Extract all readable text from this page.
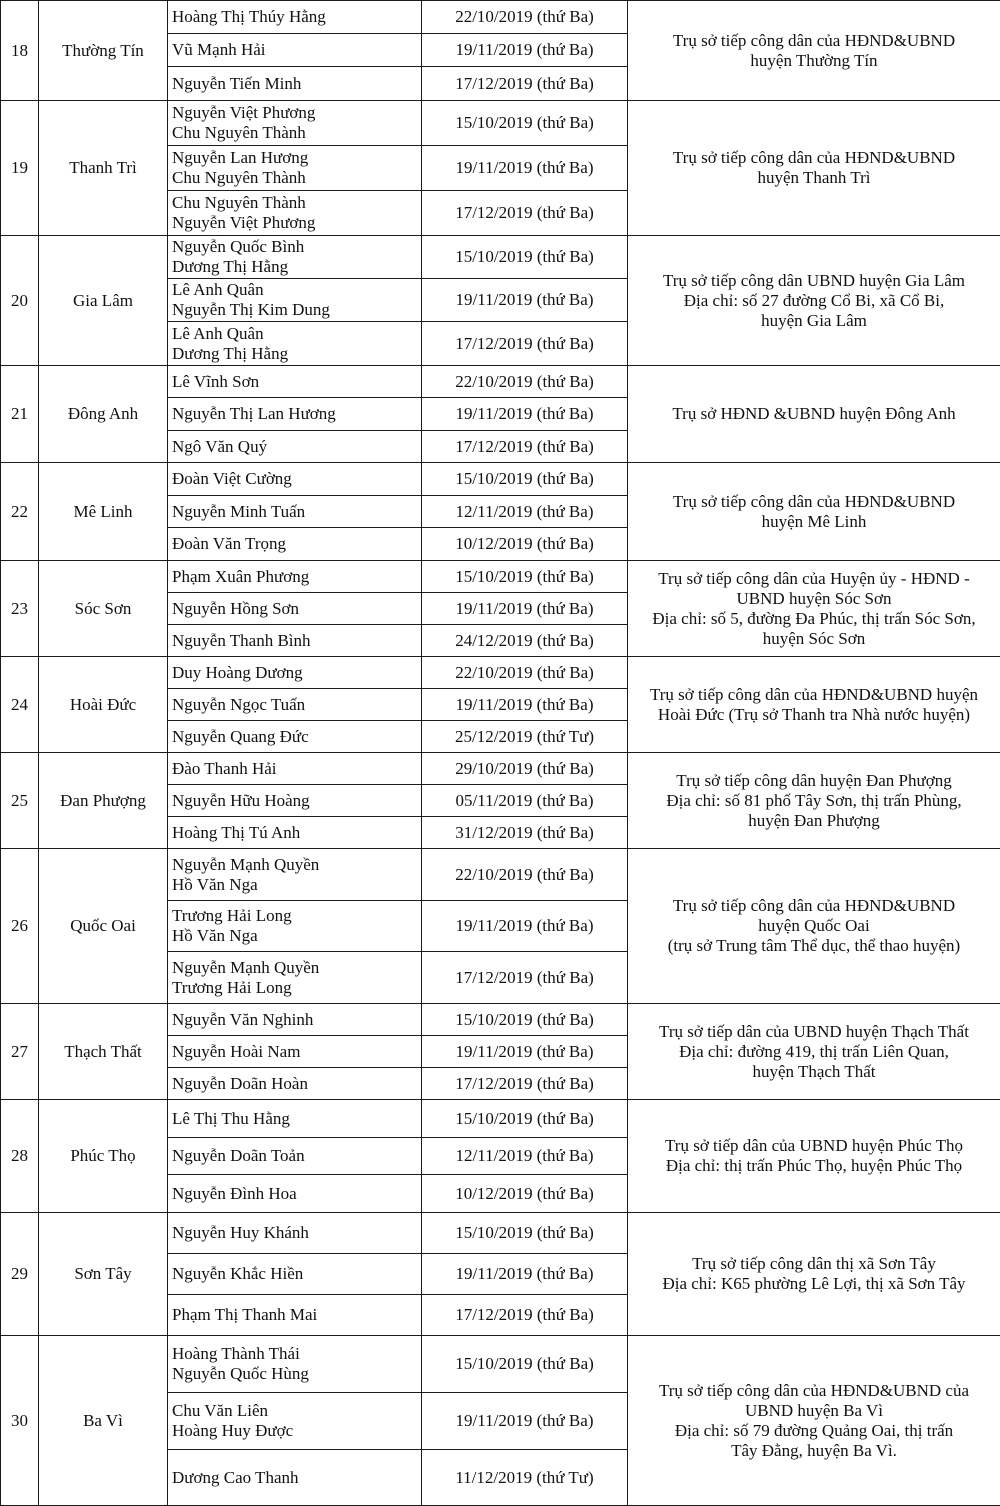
18	Thường Tín	Hoàng Thị Thúy Hằng	22/10/2019 (thứ Ba)	Trụ sở tiếp công dân của HĐND&UBND
huyện Thường Tín

		Vũ Mạnh Hải	19/11/2019 (thứ Ba)	

		Nguyễn Tiến Minh	17/12/2019 (thứ Ba)	
19	Thanh Trì	Nguyễn Việt Phương
Chu Nguyên Thành	15/10/2019 (thứ Ba)	Trụ sở tiếp công dân của HĐND&UBND
huyện Thanh Trì

		Nguyễn Lan Hương
Chu Nguyên Thành	19/11/2019 (thứ Ba)	

		Chu Nguyên Thành
Nguyễn Việt Phương	17/12/2019 (thứ Ba)	
20	Gia Lâm	Nguyễn Quốc Bình
Dương Thị Hằng	15/10/2019 (thứ Ba)	Trụ sở tiếp công dân UBND huyện Gia Lâm
Địa chỉ: số 27 đường Cổ Bi, xã Cổ Bi,
huyện Gia Lâm

		Lê Anh Quân
Nguyễn Thị Kim Dung	19/11/2019 (thứ Ba)	

		Lê Anh Quân
Dương Thị Hằng	17/12/2019 (thứ Ba)	
21	Đông Anh	Lê Vĩnh Sơn	22/10/2019 (thứ Ba)	Trụ sở HĐND &UBND huyện Đông Anh

		Nguyễn Thị Lan Hương	19/11/2019 (thứ Ba)	

		Ngô Văn Quý	17/12/2019 (thứ Ba)	
22	Mê Linh	Đoàn Việt Cường	15/10/2019 (thứ Ba)	Trụ sở tiếp công dân của HĐND&UBND
huyện Mê Linh

		Nguyễn Minh Tuấn	12/11/2019 (thứ Ba)	

		Đoàn Văn Trọng	10/12/2019 (thứ Ba)	
23	Sóc Sơn	Phạm Xuân Phương	15/10/2019 (thứ Ba)	Trụ sở tiếp công dân của Huyện ủy - HĐND -
UBND huyện Sóc Sơn
Địa chỉ: số 5, đường Đa Phúc, thị trấn Sóc Sơn,
huyện Sóc Sơn

		Nguyễn Hồng Sơn	19/11/2019 (thứ Ba)	

		Nguyễn Thanh Bình	24/12/2019 (thứ Ba)	
24	Hoài Đức	Duy Hoàng Dương	22/10/2019 (thứ Ba)	Trụ sở tiếp công dân của HĐND&UBND huyện
Hoài Đức (Trụ sở Thanh tra Nhà nước huyện)

		Nguyễn Ngọc Tuấn	19/11/2019 (thứ Ba)	

		Nguyễn Quang Đức	25/12/2019 (thứ Tư)	
25	Đan Phượng	Đào Thanh Hải	29/10/2019 (thứ Ba)	Trụ sở tiếp công dân huyện Đan Phượng
Địa chỉ: số 81 phố Tây Sơn, thị trấn Phùng,
huyện Đan Phượng

		Nguyễn Hữu Hoàng	05/11/2019 (thứ Ba)	

		Hoàng Thị Tú Anh	31/12/2019 (thứ Ba)	
26	Quốc Oai	Nguyễn Mạnh Quyền
Hồ Văn Nga	22/10/2019 (thứ Ba)	Trụ sở tiếp công dân của HĐND&UBND
huyện Quốc Oai
(trụ sở Trung tâm Thể dục, thể thao huyện)

		Trương Hải Long
Hồ Văn Nga	19/11/2019 (thứ Ba)	

		Nguyễn Mạnh Quyền
Trương Hải Long	17/12/2019 (thứ Ba)	
27	Thạch Thất	Nguyễn Văn Nghinh	15/10/2019 (thứ Ba)	Trụ sở tiếp dân của UBND huyện Thạch Thất
Địa chỉ: đường 419, thị trấn Liên Quan,
huyện Thạch Thất

		Nguyễn Hoài Nam	19/11/2019 (thứ Ba)	

		Nguyễn Doãn Hoàn	17/12/2019 (thứ Ba)	
28	Phúc Thọ	Lê Thị Thu Hằng	15/10/2019 (thứ Ba)	Trụ sở tiếp dân của UBND huyện Phúc Thọ
Địa chỉ: thị trấn Phúc Thọ, huyện Phúc Thọ

		Nguyễn Doãn Toản	12/11/2019 (thứ Ba)	

		Nguyễn Đình Hoa	10/12/2019 (thứ Ba)	
29	Sơn Tây	Nguyễn Huy Khánh	15/10/2019 (thứ Ba)	Trụ sở tiếp công dân thị xã Sơn Tây
Địa chỉ: K65 phường Lê Lợi, thị xã Sơn Tây

		Nguyễn Khắc Hiền	19/11/2019 (thứ Ba)	

		Phạm Thị Thanh Mai	17/12/2019 (thứ Ba)	
30	Ba Vì	Hoàng Thành Thái
Nguyễn Quốc Hùng	15/10/2019 (thứ Ba)	Trụ sở tiếp công dân của HĐND&UBND của
UBND huyện Ba Vì
Địa chỉ: số 79 đường Quảng Oai, thị trấn
Tây Đằng, huyện Ba Vì.

		Chu Văn Liên
Hoàng Huy Được	19/11/2019 (thứ Ba)	

		Dương Cao Thanh	11/12/2019 (thứ Tư)	
